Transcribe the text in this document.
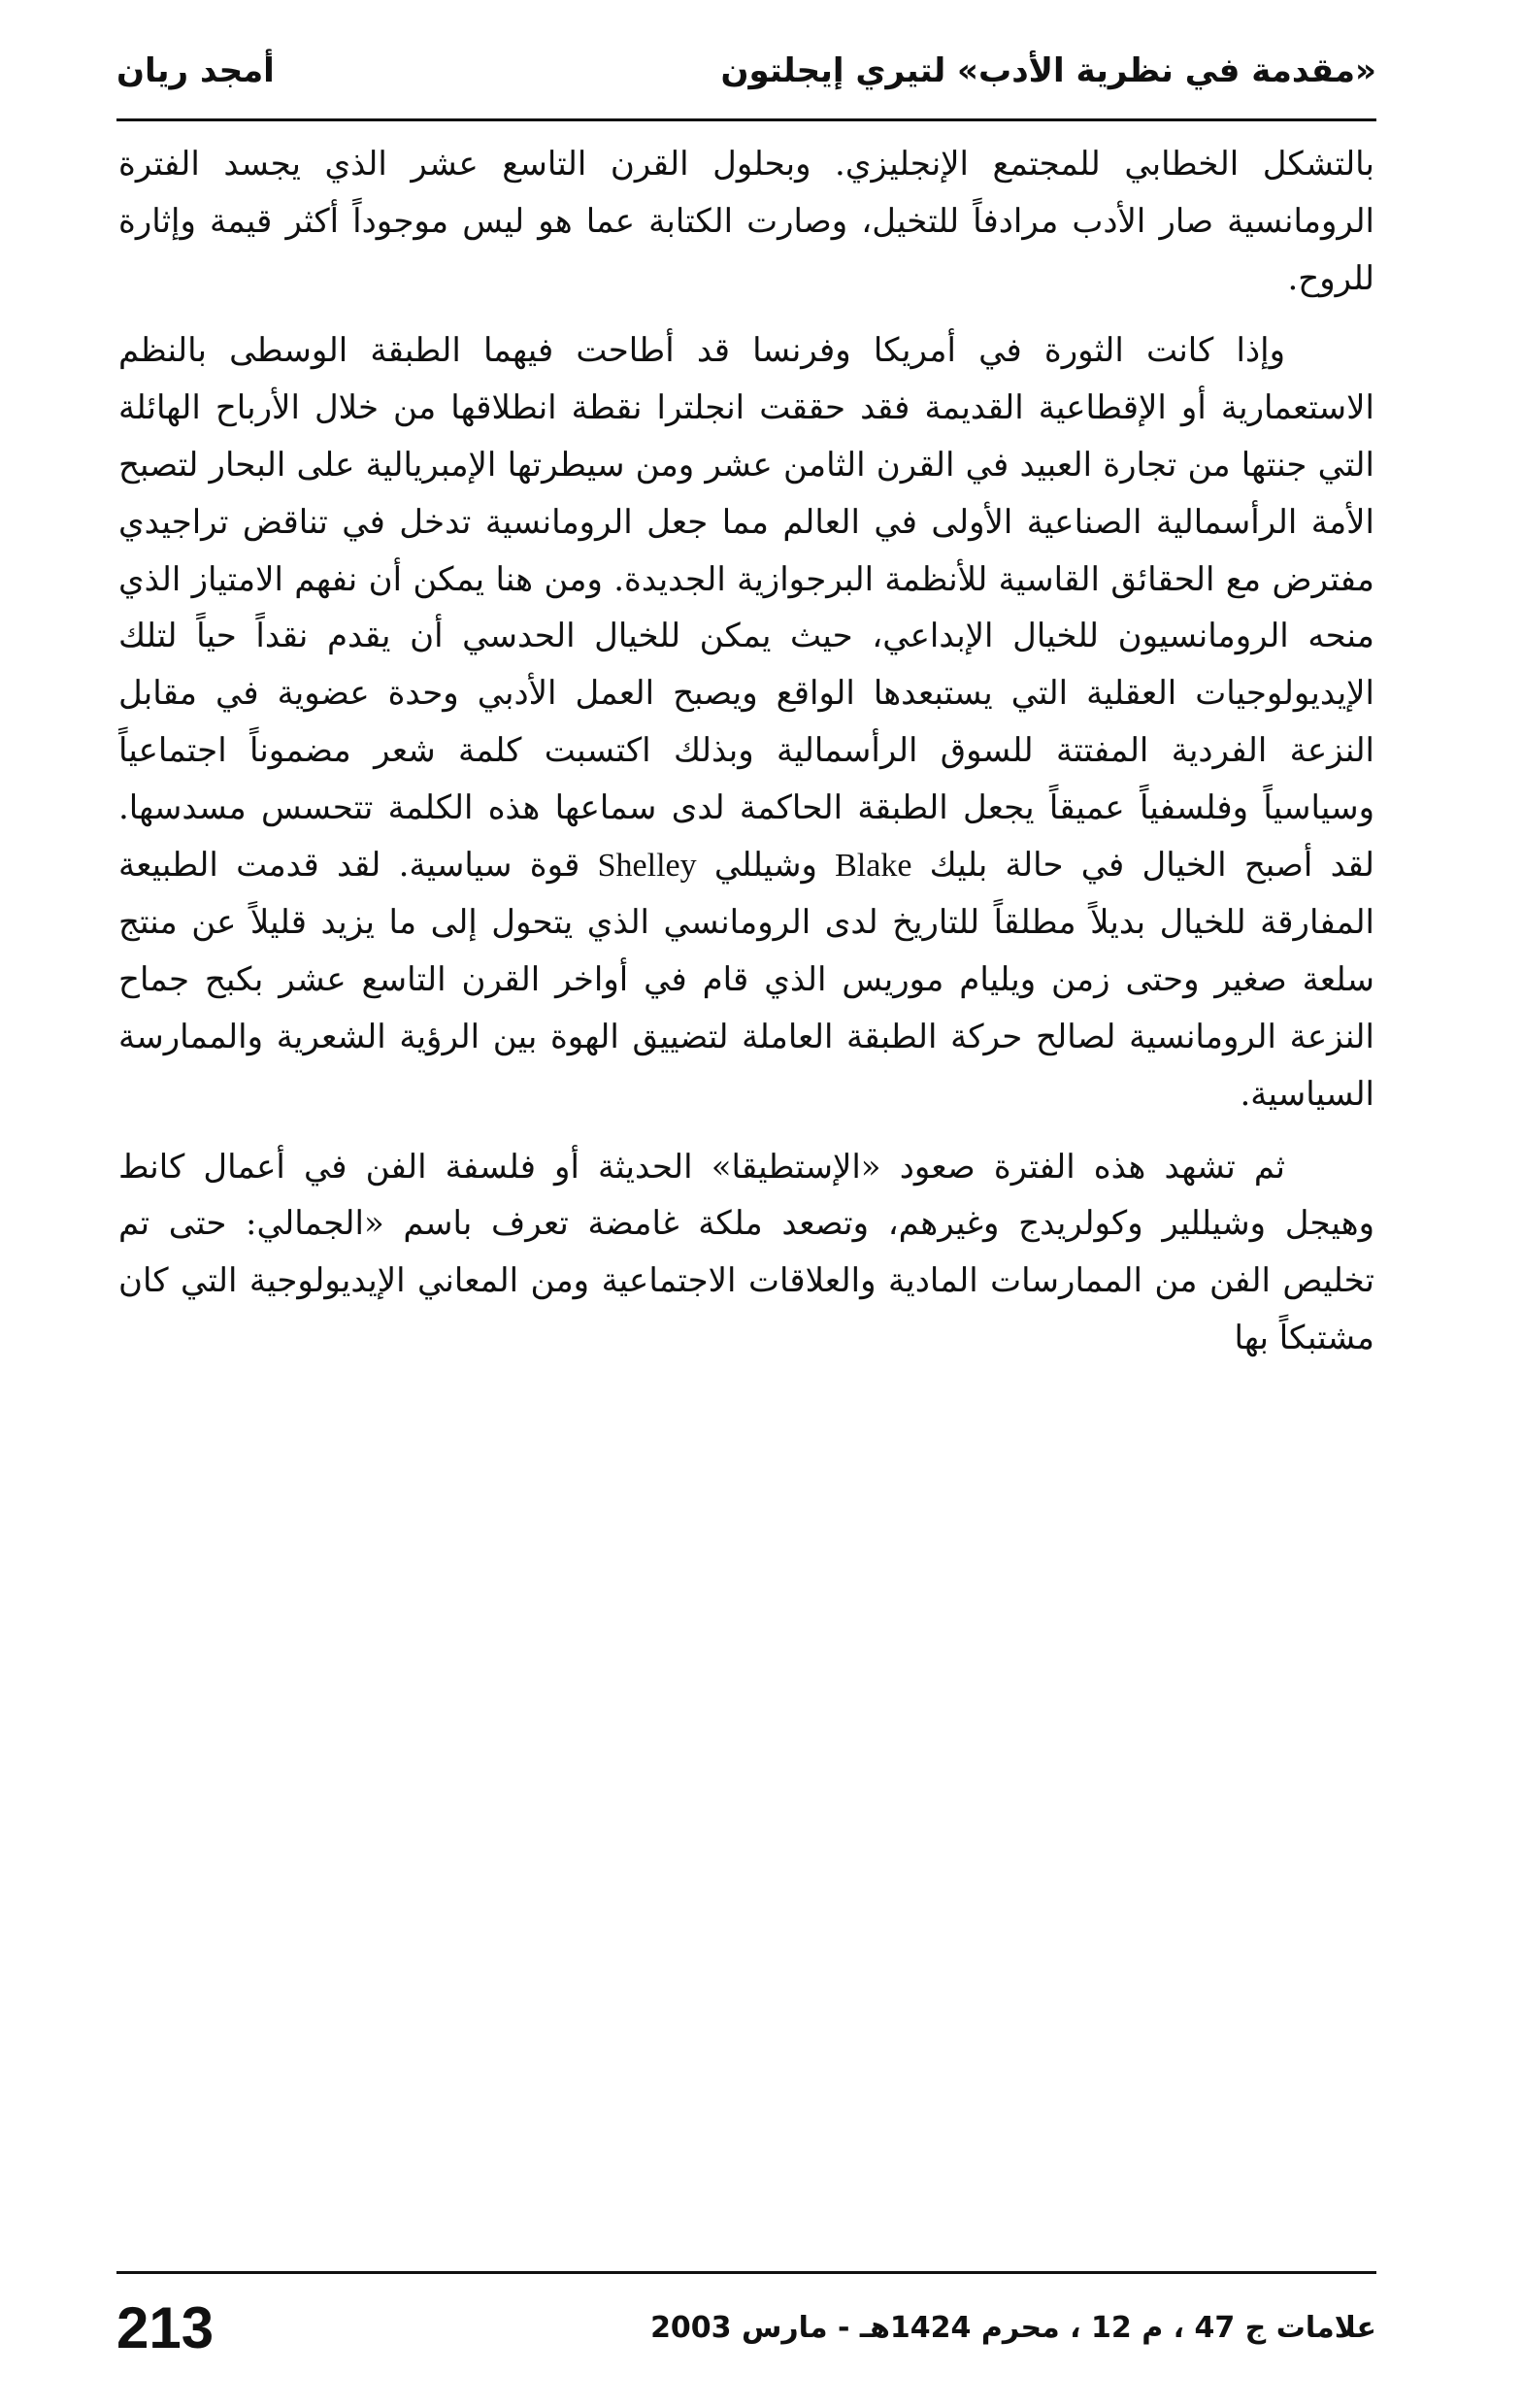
«مقدمة في نظرية الأدب» لتيري إيجلتون
أمجد ريان

بالتشكل الخطابي للمجتمع الإنجليزي. وبحلول القرن التاسع عشر الذي يجسد الفترة الرومانسية صار الأدب مرادفاً للتخيل، وصارت الكتابة عما هو ليس موجوداً أكثر قيمة وإثارة للروح.

وإذا كانت الثورة في أمريكا وفرنسا قد أطاحت فيهما الطبقة الوسطى بالنظم الاستعمارية أو الإقطاعية القديمة فقد حققت انجلترا نقطة انطلاقها من خلال الأرباح الهائلة التي جنتها من تجارة العبيد في القرن الثامن عشر ومن سيطرتها الإمبريالية على البحار لتصبح الأمة الرأسمالية الصناعية الأولى في العالم مما جعل الرومانسية تدخل في تناقض تراجيدي مفترض مع الحقائق القاسية للأنظمة البرجوازية الجديدة. ومن هنا يمكن أن نفهم الامتياز الذي منحه الرومانسيون للخيال الإبداعي، حيث يمكن للخيال الحدسي أن يقدم نقداً حياً لتلك الإيديولوجيات العقلية التي يستبعدها الواقع ويصبح العمل الأدبي وحدة عضوية في مقابل النزعة الفردية المفتتة للسوق الرأسمالية وبذلك اكتسبت كلمة شعر مضموناً اجتماعياً وسياسياً وفلسفياً عميقاً يجعل الطبقة الحاكمة لدى سماعها هذه الكلمة تتحسس مسدسها. لقد أصبح الخيال في حالة بليك Blake وشيللي Shelley قوة سياسية. لقد قدمت الطبيعة المفارقة للخيال بديلاً مطلقاً للتاريخ لدى الرومانسي الذي يتحول إلى ما يزيد قليلاً عن منتج سلعة صغير وحتى زمن ويليام موريس الذي قام في أواخر القرن التاسع عشر بكبح جماح النزعة الرومانسية لصالح حركة الطبقة العاملة لتضييق الهوة بين الرؤية الشعرية والممارسة السياسية.

ثم تشهد هذه الفترة صعود «الإستطيقا» الحديثة أو فلسفة الفن في أعمال كانط وهيجل وشيللير وكولريدج وغيرهم، وتصعد ملكة غامضة تعرف باسم «الجمالي: حتى تم تخليص الفن من الممارسات المادية والعلاقات الاجتماعية ومن المعاني الإيديولوجية التي كان مشتبكاً بها

علامات ج 47 ، م 12 ، محرم 1424هـ - مارس 2003
213
